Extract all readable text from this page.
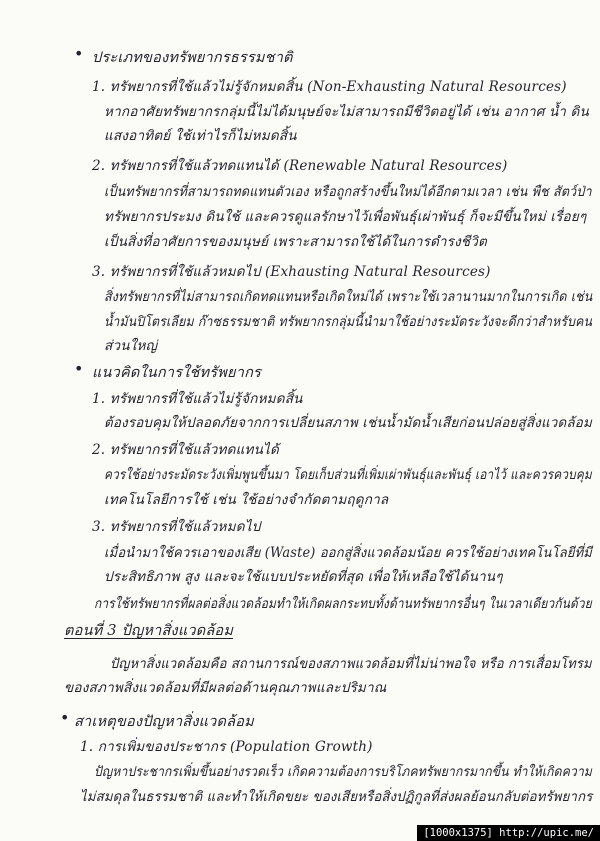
• ประเภทของทรัพยากรธรรมชาติ
1. ทรัพยากรที่ใช้แล้วไม่รู้จักหมดสิ้น (Non-Exhausting Natural Resources)
หากอาศัยทรัพยากรกลุ่มนี้ไม่ได้มนุษย์จะไม่สามารถมีชีวิตอยู่ได้ เช่น อากาศ น้ำ ดิน
แสงอาทิตย์ ใช้เท่าไรก็ไม่หมดสิ้น
2. ทรัพยากรที่ใช้แล้วทดแทนได้ (Renewable Natural Resources)
เป็นทรัพยากรที่สามารถทดแทนตัวเอง หรือถูกสร้างขึ้นใหม่ได้อีกตามเวลา เช่น พืช สัตว์ป่า
ทรัพยากรประมง ดินใช้ และควรดูแลรักษาไว้เพื่อพันธุ์เผ่าพันธุ์ ก็จะมีขึ้นใหม่ เรื่อยๆ
เป็นสิ่งที่อาศัยการของมนุษย์ เพราะสามารถใช้ได้ในการดำรงชีวิต
3. ทรัพยากรที่ใช้แล้วหมดไป (Exhausting Natural Resources)
สิ่งทรัพยากรที่ไม่สามารถเกิดทดแทนหรือเกิดใหม่ได้ เพราะใช้เวลานานมากในการเกิด เช่น
น้ำมันปิโตรเลียม ก๊าซธรรมชาติ ทรัพยากรกลุ่มนี้นำมาใช้อย่างระมัดระวังจะดีกว่าสำหรับคน
ส่วนใหญ่
• แนวคิดในการใช้ทรัพยากร
1. ทรัพยากรที่ใช้แล้วไม่รู้จักหมดสิ้น
ต้องรอบคุมให้ปลอดภัยจากการเปลี่ยนสภาพ เช่นน้ำมัดน้ำเสียก่อนปล่อยสู่สิ่งแวดล้อม
2. ทรัพยากรที่ใช้แล้วทดแทนได้
ควรใช้อย่างระมัดระวังเพิ่มพูนขึ้นมา โดยเก็บส่วนที่เพิ่มเผ่าพันธุ์และพันธุ์ เอาไว้ และควรควบคุม
เทคโนโลยีการใช้ เช่น ใช้อย่างจำกัดตามฤดูกาล
3. ทรัพยากรที่ใช้แล้วหมดไป
เมื่อนำมาใช้ควรเอาของเสีย (Waste) ออกสู่สิ่งแวดล้อมน้อย ควรใช้อย่างเทคโนโลยีที่มี
ประสิทธิภาพ สูง และจะใช้แบบประหยัดที่สุด เพื่อให้เหลือใช้ได้นานๆ
การใช้ทรัพยากรที่ผลต่อสิ่งแวดล้อมทำให้เกิดผลกระทบทั้งด้านทรัพยากรอื่นๆ ในเวลาเดียวกันด้วย
ตอนที่ 3 ปัญหาสิ่งแวดล้อม
ปัญหาสิ่งแวดล้อมคือ สถานการณ์ของสภาพแวดล้อมที่ไม่น่าพอใจ หรือ การเสื่อมโทรม
ของสภาพสิ่งแวดล้อมที่มีผลต่อด้านคุณภาพและปริมาณ
• สาเหตุของปัญหาสิ่งแวดล้อม
1. การเพิ่มของประชากร (Population Growth)
ปัญหาประชากรเพิ่มขึ้นอย่างรวดเร็ว เกิดความต้องการบริโภคทรัพยากรมากขึ้น ทำให้เกิดความ
ไม่สมดุลในธรรมชาติ และทำให้เกิดขยะ ของเสียหรือสิ่งปฏิกูลที่ส่งผลย้อนกลับต่อทรัพยากร
[1000x1375] http://upic.me/
